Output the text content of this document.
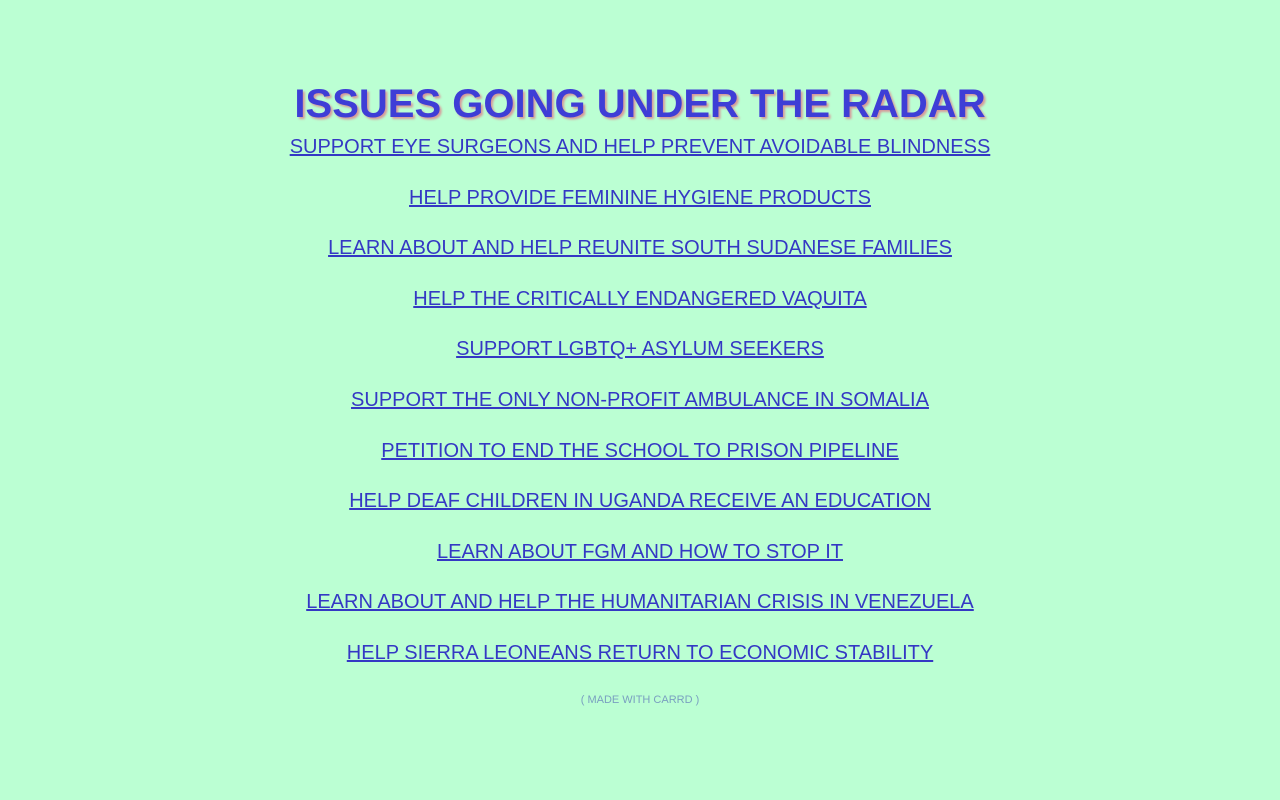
ISSUES GOING UNDER THE RADAR
SUPPORT EYE SURGEONS AND HELP PREVENT AVOIDABLE BLINDNESS
HELP PROVIDE FEMININE HYGIENE PRODUCTS
LEARN ABOUT AND HELP REUNITE SOUTH SUDANESE FAMILIES
HELP THE CRITICALLY ENDANGERED VAQUITA
SUPPORT LGBTQ+ ASYLUM SEEKERS
SUPPORT THE ONLY NON-PROFIT AMBULANCE IN SOMALIA
PETITION TO END THE SCHOOL TO PRISON PIPELINE
HELP DEAF CHILDREN IN UGANDA RECEIVE AN EDUCATION
LEARN ABOUT FGM AND HOW TO STOP IT
LEARN ABOUT AND HELP THE HUMANITARIAN CRISIS IN VENEZUELA
HELP SIERRA LEONEANS RETURN TO ECONOMIC STABILITY
( MADE WITH CARRD )
